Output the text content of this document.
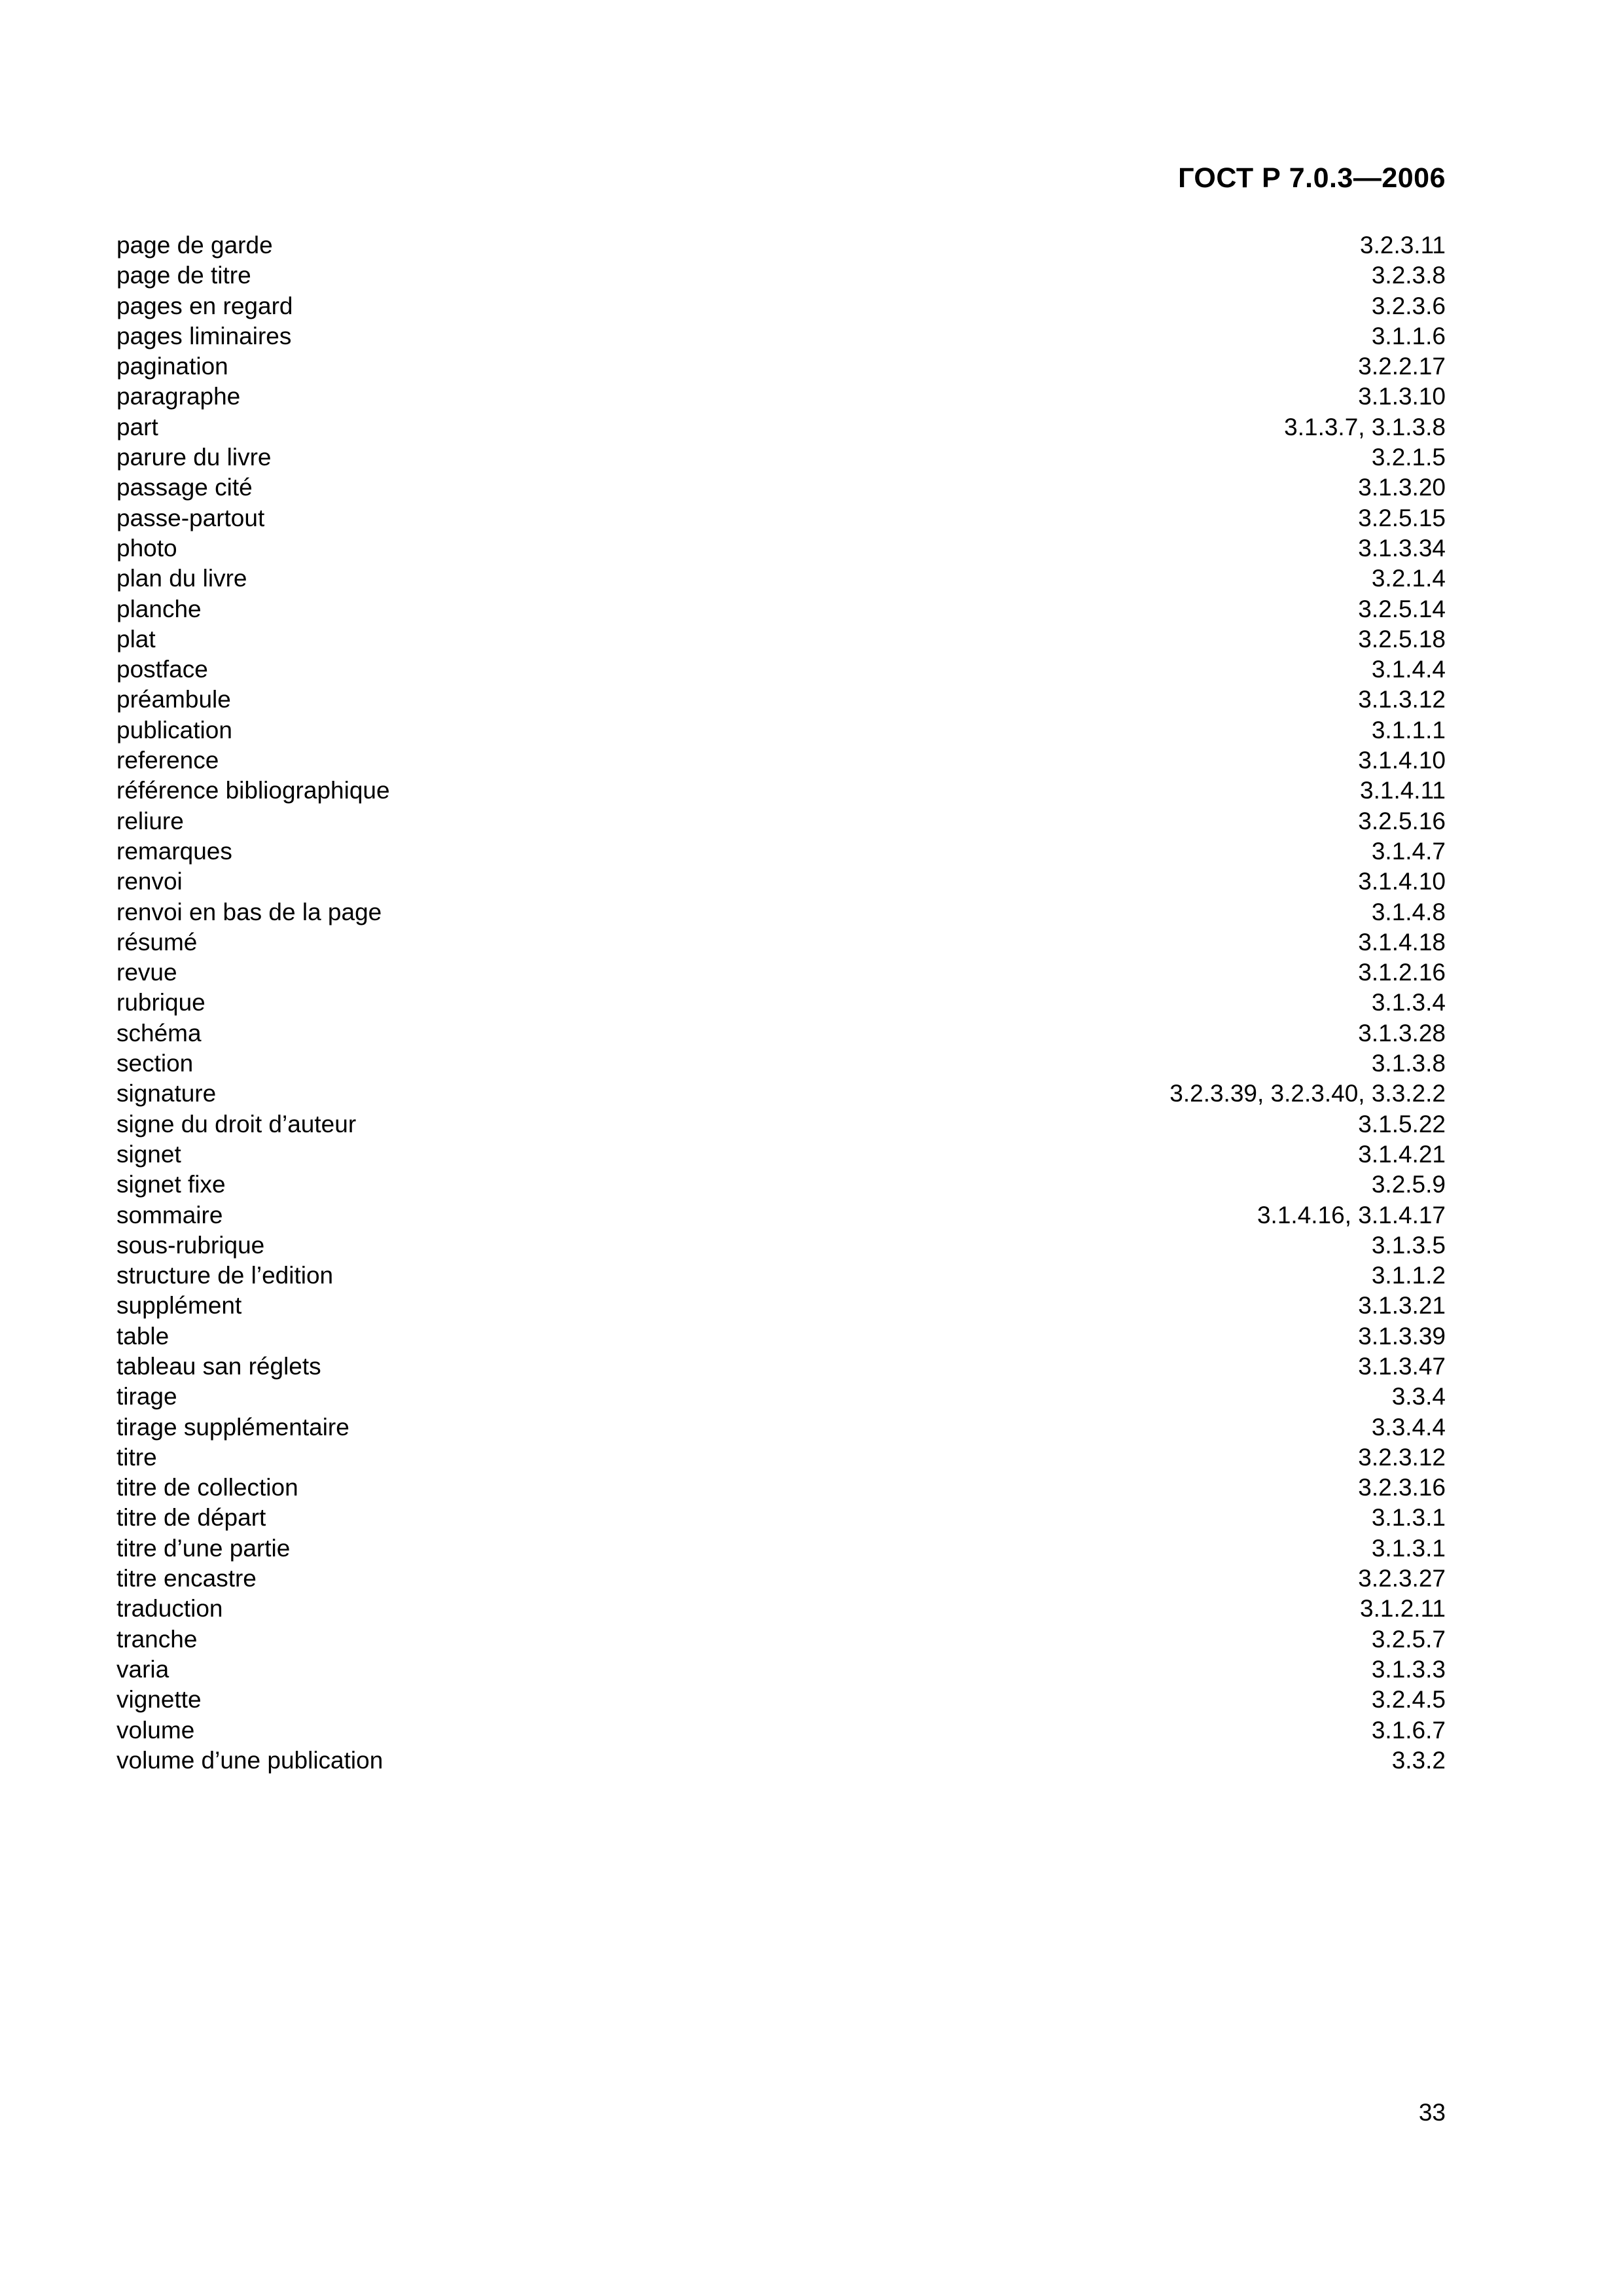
ГОСТ Р 7.0.3—2006
page de garde	3.2.3.11
page de titre	3.2.3.8
pages en regard	3.2.3.6
pages liminaires	3.1.1.6
pagination	3.2.2.17
paragraphe	3.1.3.10
part	3.1.3.7, 3.1.3.8
parure du livre	3.2.1.5
passage cité	3.1.3.20
passe-partout	3.2.5.15
photo	3.1.3.34
plan du livre	3.2.1.4
planche	3.2.5.14
plat	3.2.5.18
postface	3.1.4.4
préambule	3.1.3.12
publication	3.1.1.1
reference	3.1.4.10
référence bibliographique	3.1.4.11
reliure	3.2.5.16
remarques	3.1.4.7
renvoi	3.1.4.10
renvoi en bas de la page	3.1.4.8
résumé	3.1.4.18
revue	3.1.2.16
rubrique	3.1.3.4
schéma	3.1.3.28
section	3.1.3.8
signature	3.2.3.39, 3.2.3.40, 3.3.2.2
signe du droit d’auteur	3.1.5.22
signet	3.1.4.21
signet fixe	3.2.5.9
sommaire	3.1.4.16, 3.1.4.17
sous-rubrique	3.1.3.5
structure de l’edition	3.1.1.2
supplément	3.1.3.21
table	3.1.3.39
tableau san réglets	3.1.3.47
tirage	3.3.4
tirage supplémentaire	3.3.4.4
titre	3.2.3.12
titre de collection	3.2.3.16
titre de départ	3.1.3.1
titre d’une partie	3.1.3.1
titre encastre	3.2.3.27
traduction	3.1.2.11
tranche	3.2.5.7
varia	3.1.3.3
vignette	3.2.4.5
volume	3.1.6.7
volume d’une publication	3.3.2
33
